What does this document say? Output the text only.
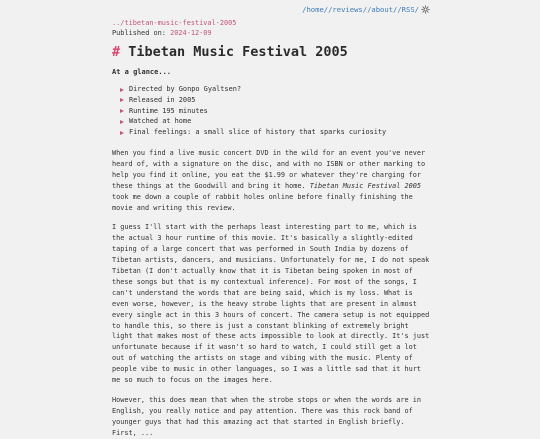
/home/ /reviews/ /about/ /RSS/
../tibetan-music-festival-2005
Published on: 2024-12-09
# Tibetan Music Festival 2005
At a glance...
Directed by Gonpo Gyaltsen?
Released in 2005
Runtime 195 minutes
Watched at home
Final feelings: a small slice of history that sparks curiosity

When you find a live music concert DVD in the wild for an event you've never heard of, with a signature on the disc, and with no ISBN or other marking to help you find it online, you eat the $1.99 or whatever they're charging for these things at the Goodwill and bring it home. Tibetan Music Festival 2005 took me down a couple of rabbit holes online before finally finishing the movie and writing this review.

I guess I'll start with the perhaps least interesting part to me, which is the actual 3 hour runtime of this movie. It's basically a slightly-edited taping of a large concert that was performed in South India by dozens of Tibetan artists, dancers, and musicians. Unfortunately for me, I do not speak Tibetan (I don't actually know that it is Tibetan being spoken in most of these songs but that is my contextual inference). For most of the songs, I can't understand the words that are being said, which is my loss. What is even worse, however, is the heavy strobe lights that are present in almost every single act in this 3 hours of concert. The camera setup is not equipped to handle this, so there is just a constant blinking of extremely bright light that makes most of these acts impossible to look at directly. It's just unfortunate because if it wasn't so hard to watch, I could still get a lot out of watching the artists on stage and vibing with the music. Plenty of people vibe to music in other languages, so I was a little sad that it hurt me so much to focus on the images here.

However, this does mean that when the strobe stops or when the words are in English, you really notice and pay attention. There was this rock band of younger guys that had this amazing act that started in English briefly. First, ...
